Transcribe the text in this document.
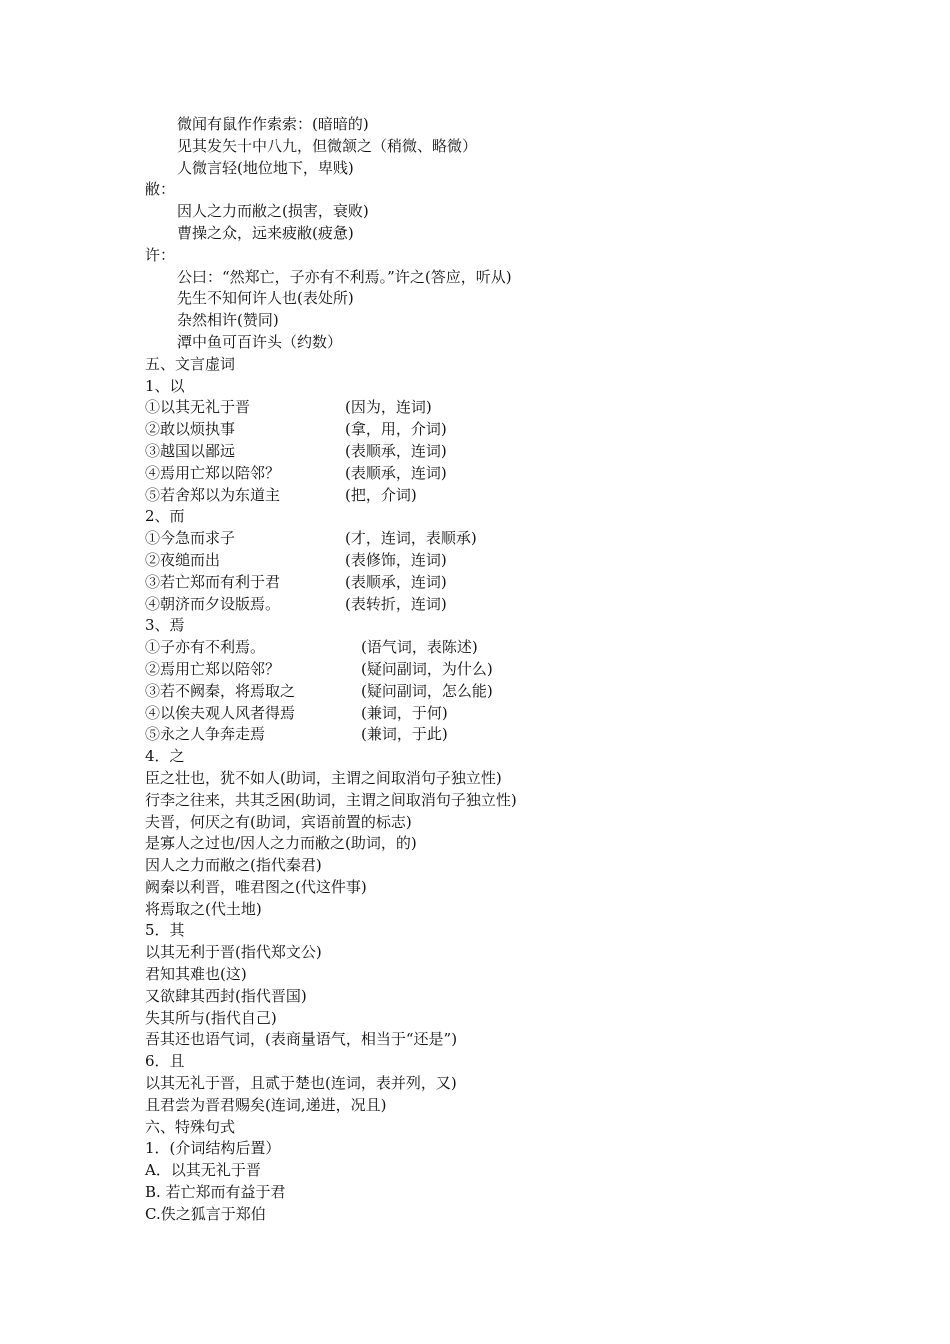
微闻有鼠作作索索：(暗暗的)
见其发矢十中八九，但微颔之（稍微、略微）
人微言轻(地位地下，卑贱)
敝：
因人之力而敝之(损害，衰败)
曹操之众，远来疲敝(疲惫)
许：
公曰：“然郑亡，子亦有不利焉。”许之(答应，听从)
先生不知何许人也(表处所)
杂然相许(赞同)
潭中鱼可百许头（约数）
五、文言虚词
1、以
①以其无礼于晋	(因为，连词)
②敢以烦执事	(拿，用，介词)
③越国以鄙远	(表顺承，连词)
④焉用亡郑以陪邻？	(表顺承，连词)
⑤若舍郑以为东道主	(把，介词)
2、而
①今急而求子	(才，连词，表顺承)
②夜缒而出	(表修饰，连词)
③若亡郑而有利于君	(表顺承，连词)
④朝济而夕设版焉。	(表转折，连词)
3、焉
①子亦有不利焉。	(语气词，表陈述)
②焉用亡郑以陪邻？	(疑问副词，为什么)
③若不阙秦，将焉取之	(疑问副词，怎么能)
④以俟夫观人风者得焉	(兼词，于何)
⑤永之人争奔走焉	(兼词，于此)
4．之
臣之壮也，犹不如人(助词，主谓之间取消句子独立性)
行李之往来，共其乏困(助词，主谓之间取消句子独立性)
夫晋，何厌之有(助词，宾语前置的标志)
是寡人之过也/因人之力而敝之(助词，的)
因人之力而敝之(指代秦君)
阙秦以利晋，唯君图之(代这件事)
将焉取之(代土地)
5．其
以其无利于晋(指代郑文公)
君知其难也(这)
又欲肆其西封(指代晋国)
失其所与(指代自己)
吾其还也语气词，(表商量语气，相当于“还是”)
6．且
以其无礼于晋，且贰于楚也(连词，表并列，又)
且君尝为晋君赐矣(连词,递进，况且)
六、特殊句式
1．(介词结构后置）
A．以其无礼于晋
B. 若亡郑而有益于君
C.佚之狐言于郑伯
